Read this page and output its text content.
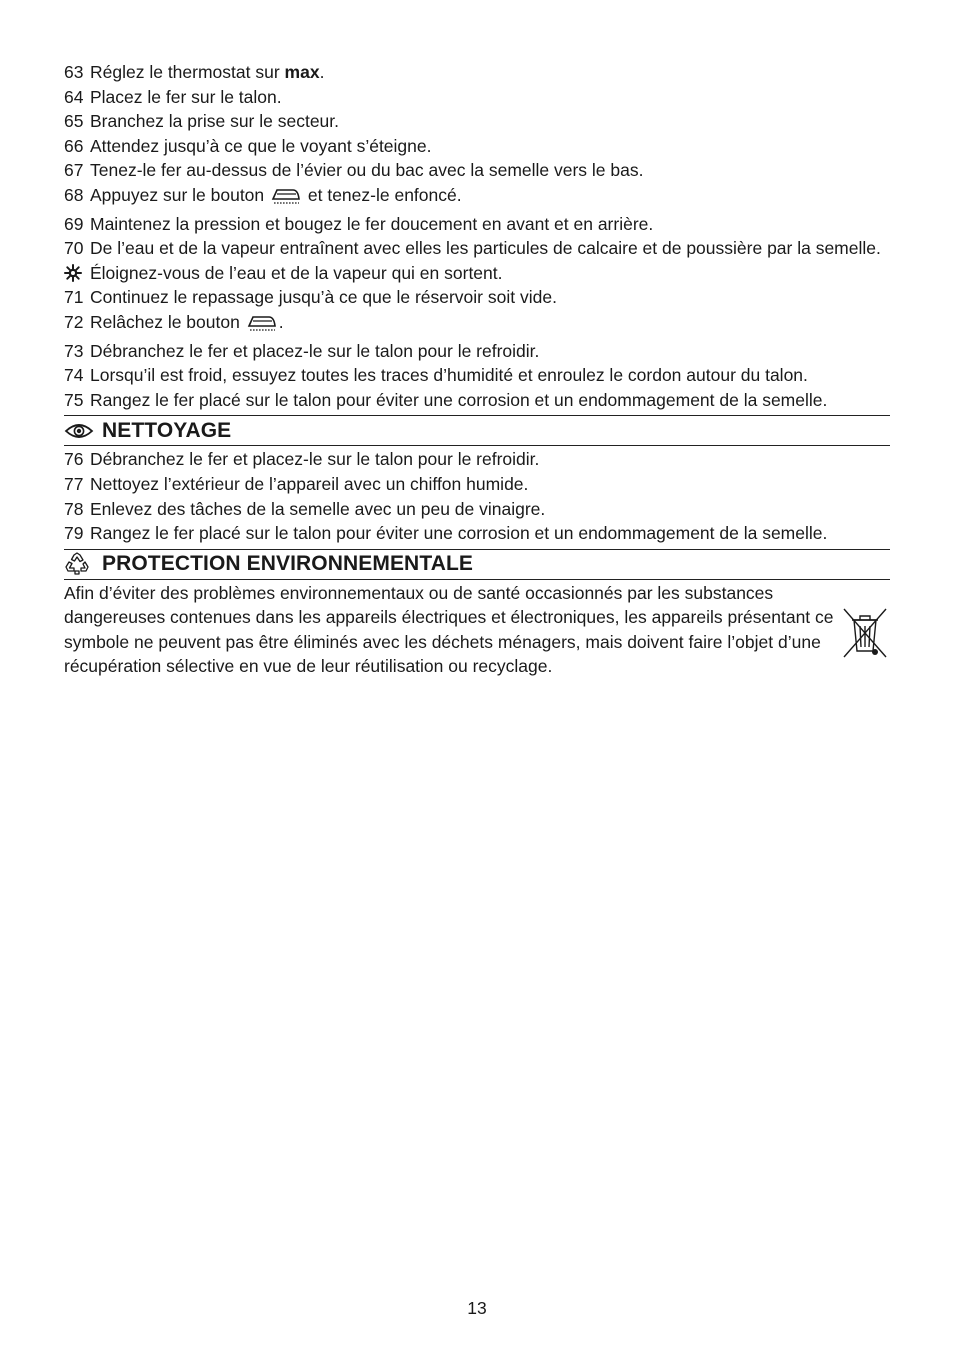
63 Réglez le thermostat sur max.
64 Placez le fer sur le talon.
65 Branchez la prise sur le secteur.
66 Attendez jusqu’à ce que le voyant s’éteigne.
67 Tenez-le fer au-dessus de l’évier ou du bac avec la semelle vers le bas.
68 Appuyez sur le bouton  et tenez-le enfoncé.
69 Maintenez la pression et bougez le fer doucement en avant et en arrière.
70 De l’eau et de la vapeur entraînent avec elles les particules de calcaire et de poussière par la semelle.
Éloignez-vous de l’eau et de la vapeur qui en sortent.
71 Continuez le repassage jusqu’à ce que le réservoir soit vide.
72 Relâchez le bouton .
73 Débranchez le fer et placez-le sur le talon pour le refroidir.
74 Lorsqu’il est froid, essuyez toutes les traces d’humidité et enroulez le cordon autour du talon.
75 Rangez le fer placé sur le talon pour éviter une corrosion et un endommagement de la semelle.
NETTOYAGE
76 Débranchez le fer et placez-le sur le talon pour le refroidir.
77 Nettoyez l’extérieur de l’appareil avec un chiffon humide.
78 Enlevez des tâches de la semelle avec un peu de vinaigre.
79 Rangez le fer placé sur le talon pour éviter une corrosion et un endommagement de la semelle.
PROTECTION ENVIRONNEMENTALE
Afin d’éviter des problèmes environnementaux ou de santé occasionnés par les substances dangereuses contenues dans les appareils électriques et électroniques, les appareils présentant ce symbole ne peuvent pas être éliminés avec les déchets ménagers, mais doivent faire l’objet d’une récupération sélective en vue de leur réutilisation ou recyclage.
13
